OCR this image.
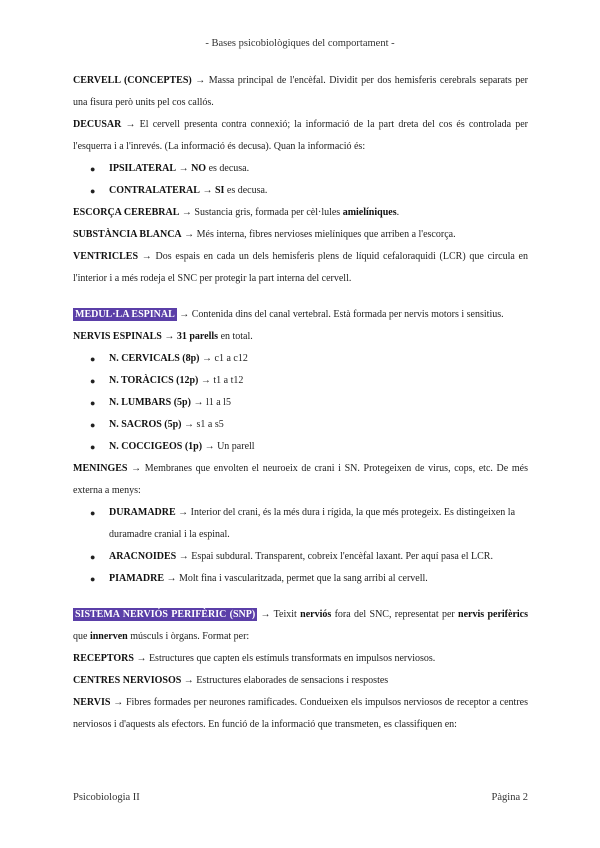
- Bases psicobiològiques del comportament -

CERVELL (CONCEPTES) → Massa principal de l'encèfal. Dividit per dos hemisferis cerebrals separats per una fisura però units pel cos callós.

DECUSAR → El cervell presenta contra connexió; la informació de la part dreta del cos és controlada per l'esquerra i a l'inrevés. (La informació és decusa). Quan la informació és:

● IPSILATERAL → NO es decusa.
● CONTRALATERAL → SI es decusa.

ESCORÇA CEREBRAL → Sustancia gris, formada per cèl·lules amielíniques.

SUBSTÀNCIA BLANCA → Més interna, fibres nervioses mielíniques que arriben a l'escorça.

VENTRICLES → Dos espais en cada un dels hemisferis plens de líquid cefaloraquidi (LCR) que circula en l'interior i a més rodeja el SNC per protegir la part interna del cervell.

MEDUL·LA ESPINAL → Contenida dins del canal vertebral. Està formada per nervis motors i sensitius.

NERVIS ESPINALS → 31 parells en total.

● N. CERVICALS (8p) → c1 a c12
● N. TORÀCICS (12p) → t1 a t12
● N. LUMBARS (5p) → l1 a l5
● N. SACROS (5p) → s1 a s5
● N. COCCIGEOS (1p) → Un parell

MENINGES → Membranes que envolten el neuroeix de crani i SN. Protegeixen de virus, cops, etc. De més externa a menys:

● DURAMADRE → Interior del crani, és la més dura i rígida, la que més protegeix. Es distingeixen la duramadre cranial i la espinal.
● ARACNOIDES → Espai subdural. Transparent, cobreix l'encèfal laxant. Per aquí pasa el LCR.
● PIAMADRE → Molt fina i vascularitzada, permet que la sang arribi al cervell.

SISTEMA NERVIÓS PERIFÈRIC (SNP) → Teixit nerviós fora del SNC, representat per nervis perifèrics que innerven músculs i òrgans. Format per:

RECEPTORS → Estructures que capten els estímuls transformats en impulsos nerviosos.

CENTRES NERVIOSOS → Estructures elaborades de sensacions i respostes

NERVIS → Fibres formades per neurones ramificades. Condueixen els impulsos nerviosos de receptor a centres nerviosos i d'aquests als efectors. En funció de la informació que transmeten, es classifiquen en:

Psicobiologia II	Pàgina 2
